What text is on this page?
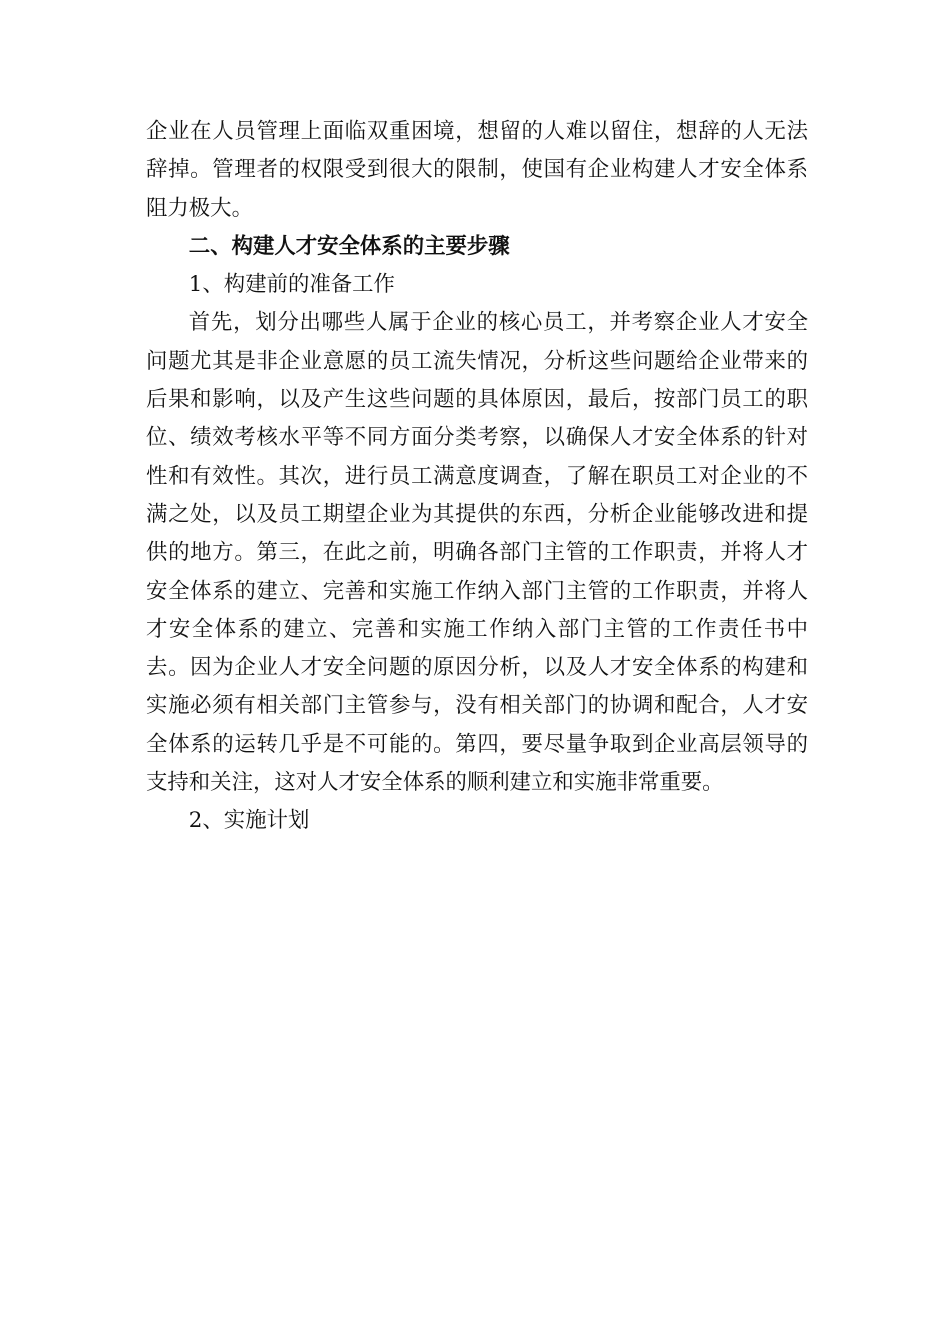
企业在人员管理上面临双重困境，想留的人难以留住，想辞的人无法辞掉。管理者的权限受到很大的限制，使国有企业构建人才安全体系阻力极大。

二、构建人才安全体系的主要步骤

1、构建前的准备工作

首先，划分出哪些人属于企业的核心员工，并考察企业人才安全问题尤其是非企业意愿的员工流失情况，分析这些问题给企业带来的后果和影响，以及产生这些问题的具体原因，最后，按部门员工的职位、绩效考核水平等不同方面分类考察，以确保人才安全体系的针对性和有效性。其次，进行员工满意度调查，了解在职员工对企业的不满之处，以及员工期望企业为其提供的东西，分析企业能够改进和提供的地方。第三，在此之前，明确各部门主管的工作职责，并将人才安全体系的建立、完善和实施工作纳入部门主管的工作职责，并将人才安全体系的建立、完善和实施工作纳入部门主管的工作责任书中去。因为企业人才安全问题的原因分析，以及人才安全体系的构建和实施必须有相关部门主管参与，没有相关部门的协调和配合，人才安全体系的运转几乎是不可能的。第四，要尽量争取到企业高层领导的支持和关注，这对人才安全体系的顺利建立和实施非常重要。

2、实施计划
